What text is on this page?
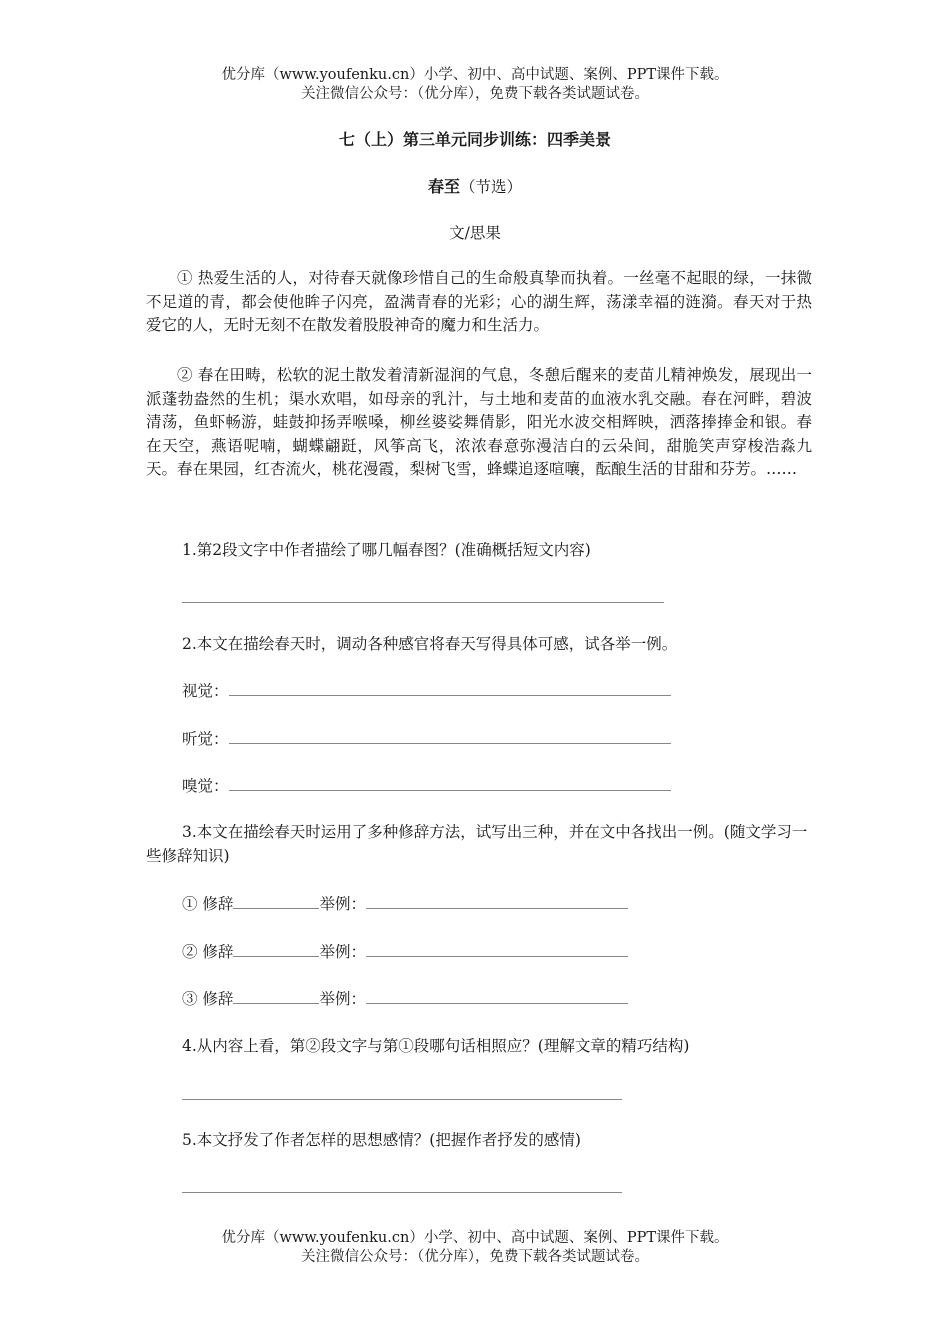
优分库（www.youfenku.cn）小学、初中、高中试题、案例、PPT课件下载。
关注微信公众号：（优分库），免费下载各类试题试卷。
七（上）第三单元同步训练：四季美景
春至（节选）
文/思果
① 热爱生活的人，对待春天就像珍惜自己的生命般真挚而执着。一丝毫不起眼的绿，一抹微不足道的青，都会使他眸子闪亮，盈满青春的光彩；心的湖生辉，荡漾幸福的涟漪。春天对于热爱它的人，无时无刻不在散发着股股神奇的魔力和生活力。
② 春在田畴，松软的泥土散发着清新湿润的气息，冬憩后醒来的麦苗儿精神焕发，展现出一派蓬勃盎然的生机；渠水欢唱，如母亲的乳汁，与土地和麦苗的血液水乳交融。春在河畔，碧波清荡，鱼虾畅游，蛙鼓抑扬弄喉嗓，柳丝婆娑舞倩影，阳光水波交相辉映，洒落捧捧金和银。春在天空，燕语呢喃，蝴蝶翩跹，风筝高飞，浓浓春意弥漫洁白的云朵间，甜脆笑声穿梭浩淼九天。春在果园，红杏流火，桃花漫霞，梨树飞雪，蜂蝶追逐喧嚷，酝酿生活的甘甜和芬芳。……
1.第2段文字中作者描绘了哪几幅春图？(准确概括短文内容)
2.本文在描绘春天时，调动各种感官将春天写得具体可感，试各举一例。
视觉：
听觉：
嗅觉：
3.本文在描绘春天时运用了多种修辞方法，试写出三种，并在文中各找出一例。(随文学习一些修辞知识)
① 修辞	举例：
② 修辞	举例：
③ 修辞	举例：
4.从内容上看，第②段文字与第①段哪句话相照应？(理解文章的精巧结构)
5.本文抒发了作者怎样的思想感情？(把握作者抒发的感情)
优分库（www.youfenku.cn）小学、初中、高中试题、案例、PPT课件下载。
关注微信公众号：（优分库），免费下载各类试题试卷。
